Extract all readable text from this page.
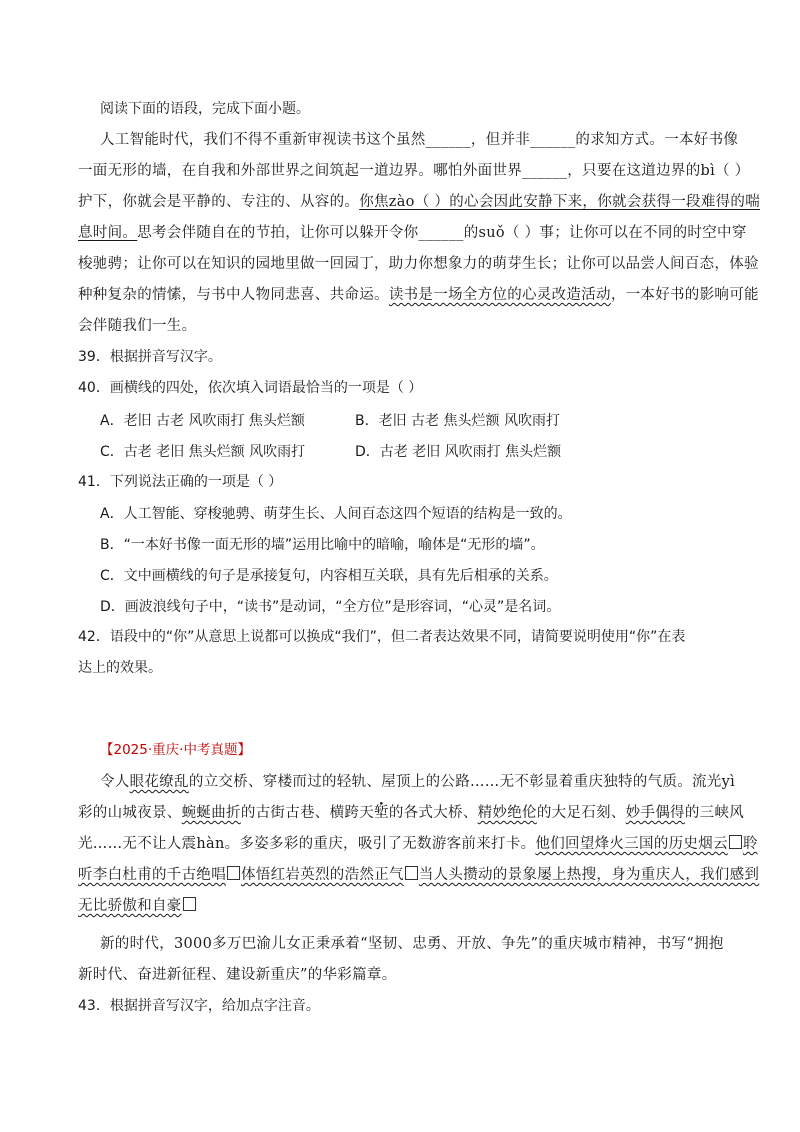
阅读下面的语段，完成下面小题。
人工智能时代，我们不得不重新审视读书这个虽然______，但并非______的求知方式。一本好书像
一面无形的墙，在自我和外部世界之间筑起一道边界。哪怕外面世界______，只要在这道边界的bì（ ）
护下，你就会是平静的、专注的、从容的。你焦zào（ ）的心会因此安静下来，你就会获得一段难得的喘
息时间。思考会伴随自在的节拍，让你可以躲开令你______的suǒ（ ）事；让你可以在不同的时空中穿
梭驰骋；让你可以在知识的园地里做一回园丁，助力你想象力的萌芽生长；让你可以品尝人间百态，体验
种种复杂的情愫，与书中人物同悲喜、共命运。读书是一场全方位的心灵改造活动，一本好书的影响可能
会伴随我们一生。
39．根据拼音写汉字。
40．画横线的四处，依次填入词语最恰当的一项是（ ）
A．老旧 古老 风吹雨打 焦头烂额	B．老旧 古老 焦头烂额 风吹雨打
C．古老 老旧 焦头烂额 风吹雨打	D．古老 老旧 风吹雨打 焦头烂额
41．下列说法正确的一项是（ ）
A．人工智能、穿梭驰骋、萌芽生长、人间百态这四个短语的结构是一致的。
B．“一本好书像一面无形的墙”运用比喻中的暗喻，喻体是“无形的墙”。
C．文中画横线的句子是承接复句，内容相互关联，具有先后相承的关系。
D．画波浪线句子中，“读书”是动词，“全方位”是形容词，“心灵”是名词。
42．语段中的“你”从意思上说都可以换成“我们”，但二者表达效果不同，请简要说明使用“你”在表
达上的效果。
【2025·重庆·中考真题】
令人眼花缭乱的立交桥、穿楼而过的轻轨、屋顶上的公路……无不彰显着重庆独特的气质。流光yì
彩的山城夜景、蜿蜒曲折的古街古巷、横跨天堑的各式大桥、精妙绝伦的大足石刻、妙手偶得的三峡风
光……无不让人震hàn。多姿多彩的重庆，吸引了无数游客前来打卡。他们回望烽火三国的历史烟云 聆
听李白杜甫的千古绝唱 体悟红岩英烈的浩然正气 当人头攒动的景象屡上热搜，身为重庆人，我们感到
无比骄傲和自豪
新的时代，3000多万巴渝儿女正秉承着“坚韧、忠勇、开放、争先”的重庆城市精神，书写“拥抱
新时代、奋进新征程、建设新重庆”的华彩篇章。
43．根据拼音写汉字，给加点字注音。
